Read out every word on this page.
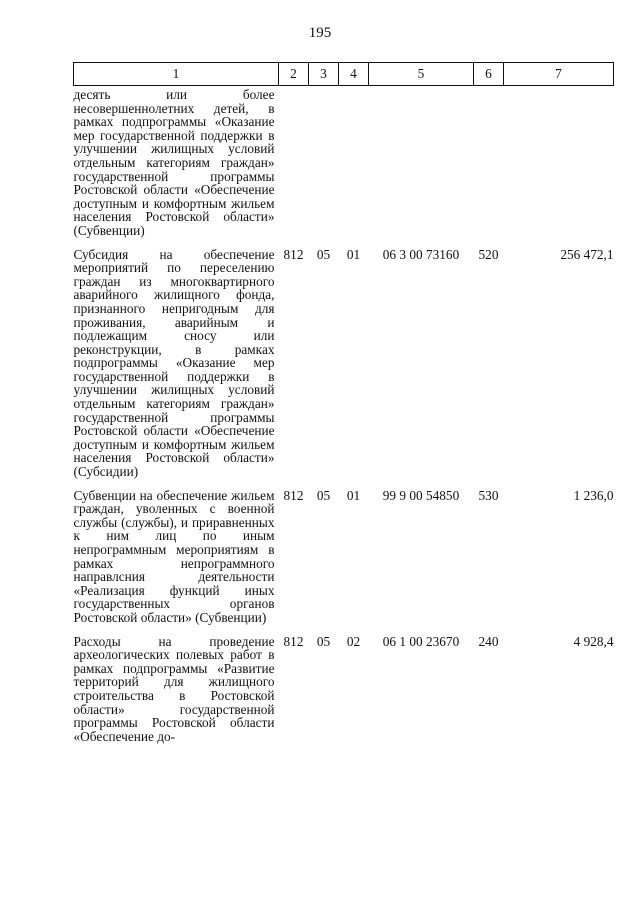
195
1	2	3	4	5	6	7
десять или более несовершеннолетних детей, в рамках подпрограммы «Оказание мер государственной поддержки в улучшении жилищных условий отдельным категориям граждан» государственной программы Ростовской области «Обеспечение доступным и комфортным жильем населения Ростовской области» (Субвенции)						
Субсидия на обеспечение мероприятий по переселению граждан из многоквартирного аварийного жилищного фонда, признанного непригодным для проживания, аварийным и подлежащим сносу или реконструкции, в рамках подпрограммы «Оказание мер государственной поддержки в улучшении жилищных условий отдельным категориям граждан» государственной программы Ростовской области «Обеспечение доступным и комфортным жильем населения Ростовской области» (Субсидии)	812	05	01	06 3 00 73160	520	256 472,1
Субвенции на обеспечение жильем граждан, уволенных с военной службы (службы), и приравненных к ним лиц по иным непрограммным мероприятиям в рамках непрограммного направлсния деятельности «Реализация функций иных государственных органов Ростовской области» (Субвенции)	812	05	01	99 9 00 54850	530	1 236,0
Расходы на проведение археологических полевых работ в рамках подпрограммы «Развитие территорий для жилищного строительства в Ростовской области» государственной программы Ростовской области «Обеспечение до-	812	05	02	06 1 00 23670	240	4 928,4
